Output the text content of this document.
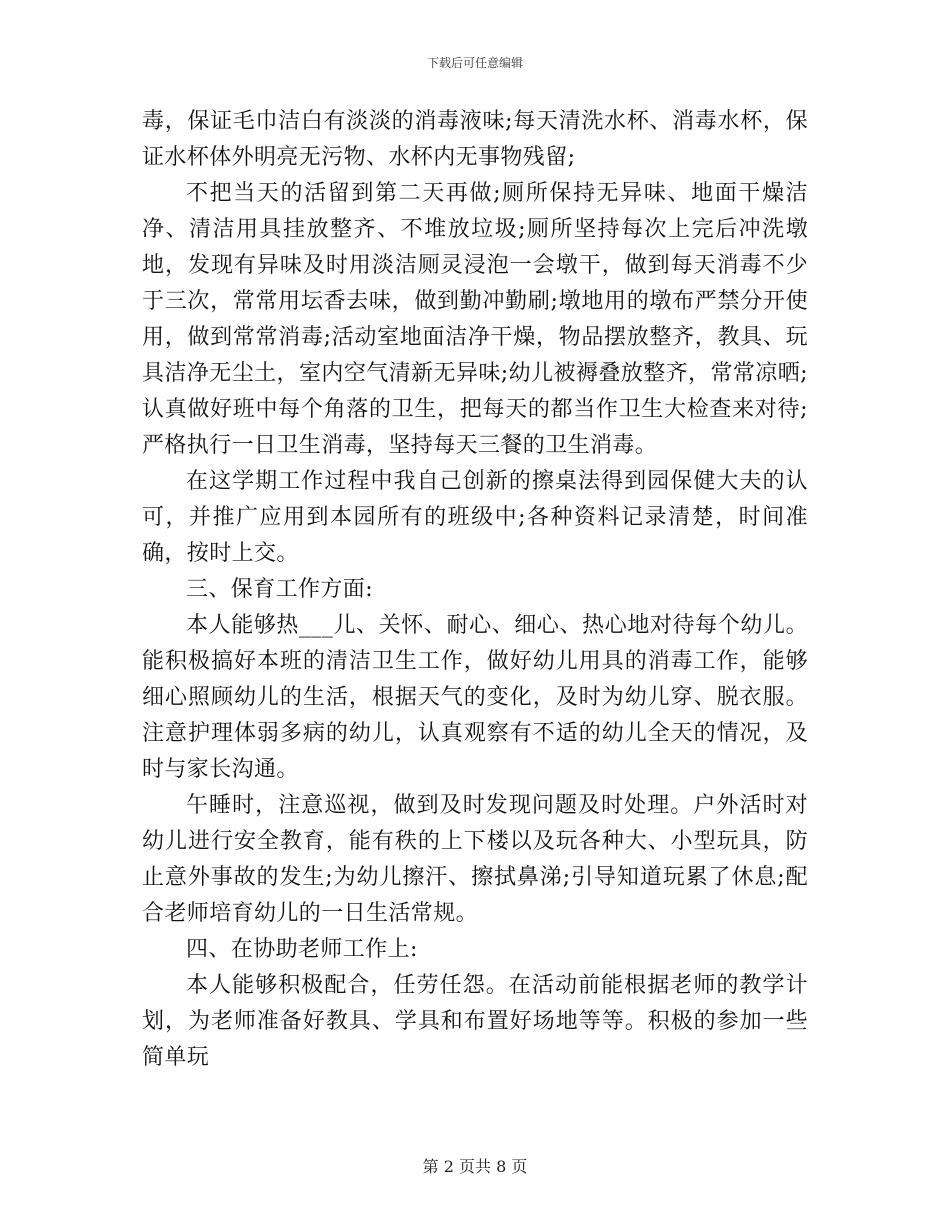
下载后可任意编辑

毒，保证毛巾洁白有淡淡的消毒液味;每天清洗水杯、消毒水杯，保证水杯体外明亮无污物、水杯内无事物残留;

不把当天的活留到第二天再做;厕所保持无异味、地面干燥洁净、清洁用具挂放整齐、不堆放垃圾;厕所坚持每次上完后冲洗墩地，发现有异味及时用淡洁厕灵浸泡一会墩干，做到每天消毒不少于三次，常常用坛香去味，做到勤冲勤刷;墩地用的墩布严禁分开使用，做到常常消毒;活动室地面洁净干燥，物品摆放整齐，教具、玩具洁净无尘土，室内空气清新无异味;幼儿被褥叠放整齐，常常凉晒;认真做好班中每个角落的卫生，把每天的都当作卫生大检查来对待;严格执行一日卫生消毒，坚持每天三餐的卫生消毒。

在这学期工作过程中我自己创新的擦桌法得到园保健大夫的认可，并推广应用到本园所有的班级中;各种资料记录清楚，时间准确，按时上交。

三、保育工作方面:

本人能够热___儿、关怀、耐心、细心、热心地对待每个幼儿。能积极搞好本班的清洁卫生工作，做好幼儿用具的消毒工作，能够细心照顾幼儿的生活，根据天气的变化，及时为幼儿穿、脱衣服。注意护理体弱多病的幼儿，认真观察有不适的幼儿全天的情况，及时与家长沟通。

午睡时，注意巡视，做到及时发现问题及时处理。户外活时对幼儿进行安全教育，能有秩的上下楼以及玩各种大、小型玩具，防止意外事故的发生;为幼儿擦汗、擦拭鼻涕;引导知道玩累了休息;配合老师培育幼儿的一日生活常规。

四、在协助老师工作上:

本人能够积极配合，任劳任怨。在活动前能根据老师的教学计划，为老师准备好教具、学具和布置好场地等等。积极的参加一些简单玩

第 2 页共 8 页
